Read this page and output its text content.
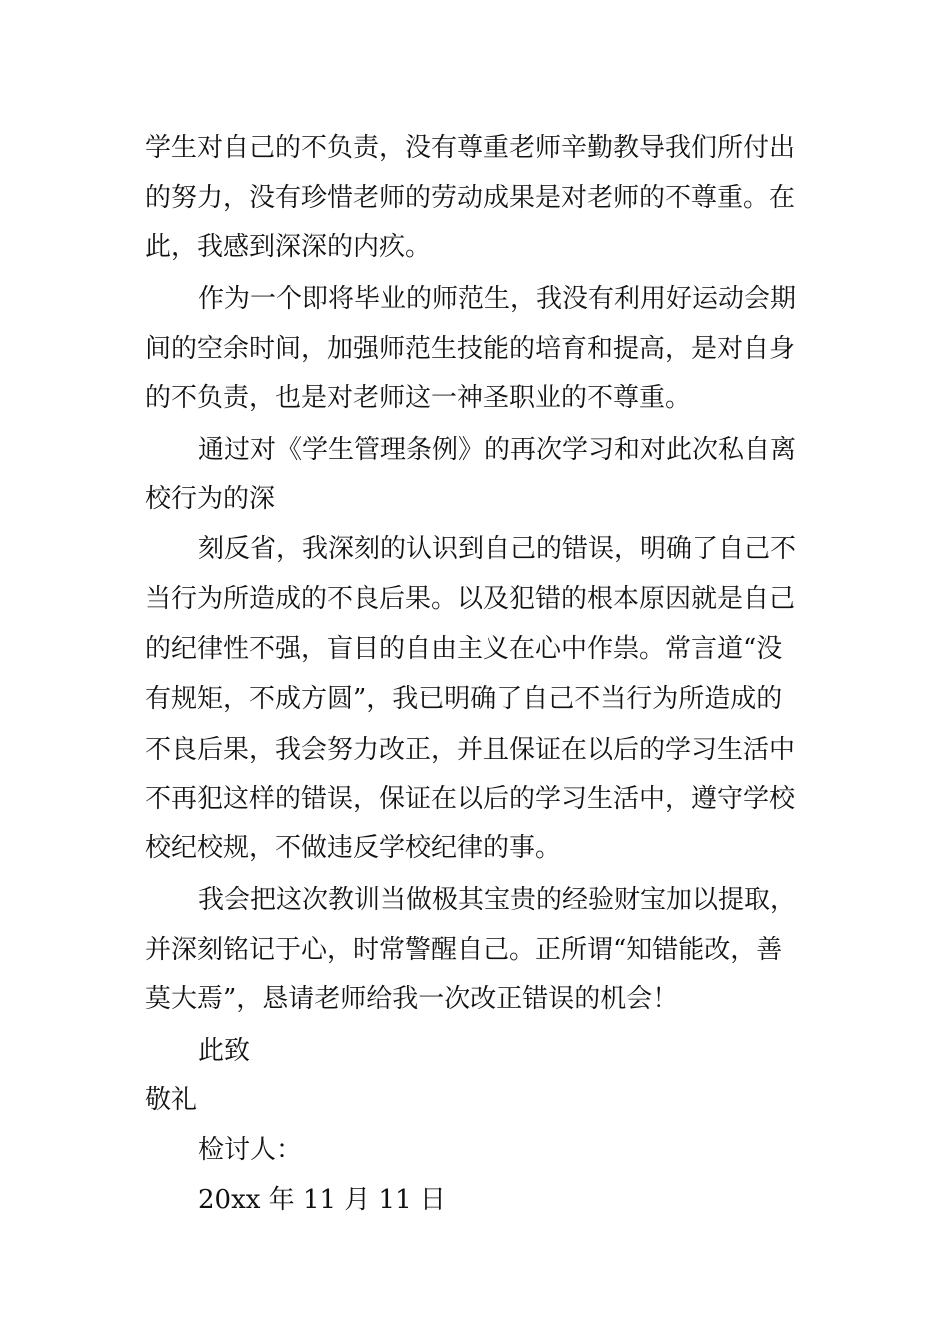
学生对自己的不负责，没有尊重老师辛勤教导我们所付出
的努力，没有珍惜老师的劳动成果是对老师的不尊重。在
此，我感到深深的内疚。
作为一个即将毕业的师范生，我没有利用好运动会期
间的空余时间，加强师范生技能的培育和提高，是对自身
的不负责，也是对老师这一神圣职业的不尊重。
通过对《学生管理条例》的再次学习和对此次私自离
校行为的深
刻反省，我深刻的认识到自己的错误，明确了自己不
当行为所造成的不良后果。以及犯错的根本原因就是自己
的纪律性不强，盲目的自由主义在心中作祟。常言道“没
有规矩，不成方圆”，我已明确了自己不当行为所造成的
不良后果，我会努力改正，并且保证在以后的学习生活中
不再犯这样的错误，保证在以后的学习生活中，遵守学校
校纪校规，不做违反学校纪律的事。
我会把这次教训当做极其宝贵的经验财宝加以提取，
并深刻铭记于心，时常警醒自己。正所谓“知错能改，善
莫大焉”，恳请老师给我一次改正错误的机会！
此致
敬礼
检讨人：
20xx 年 11 月 11 日
